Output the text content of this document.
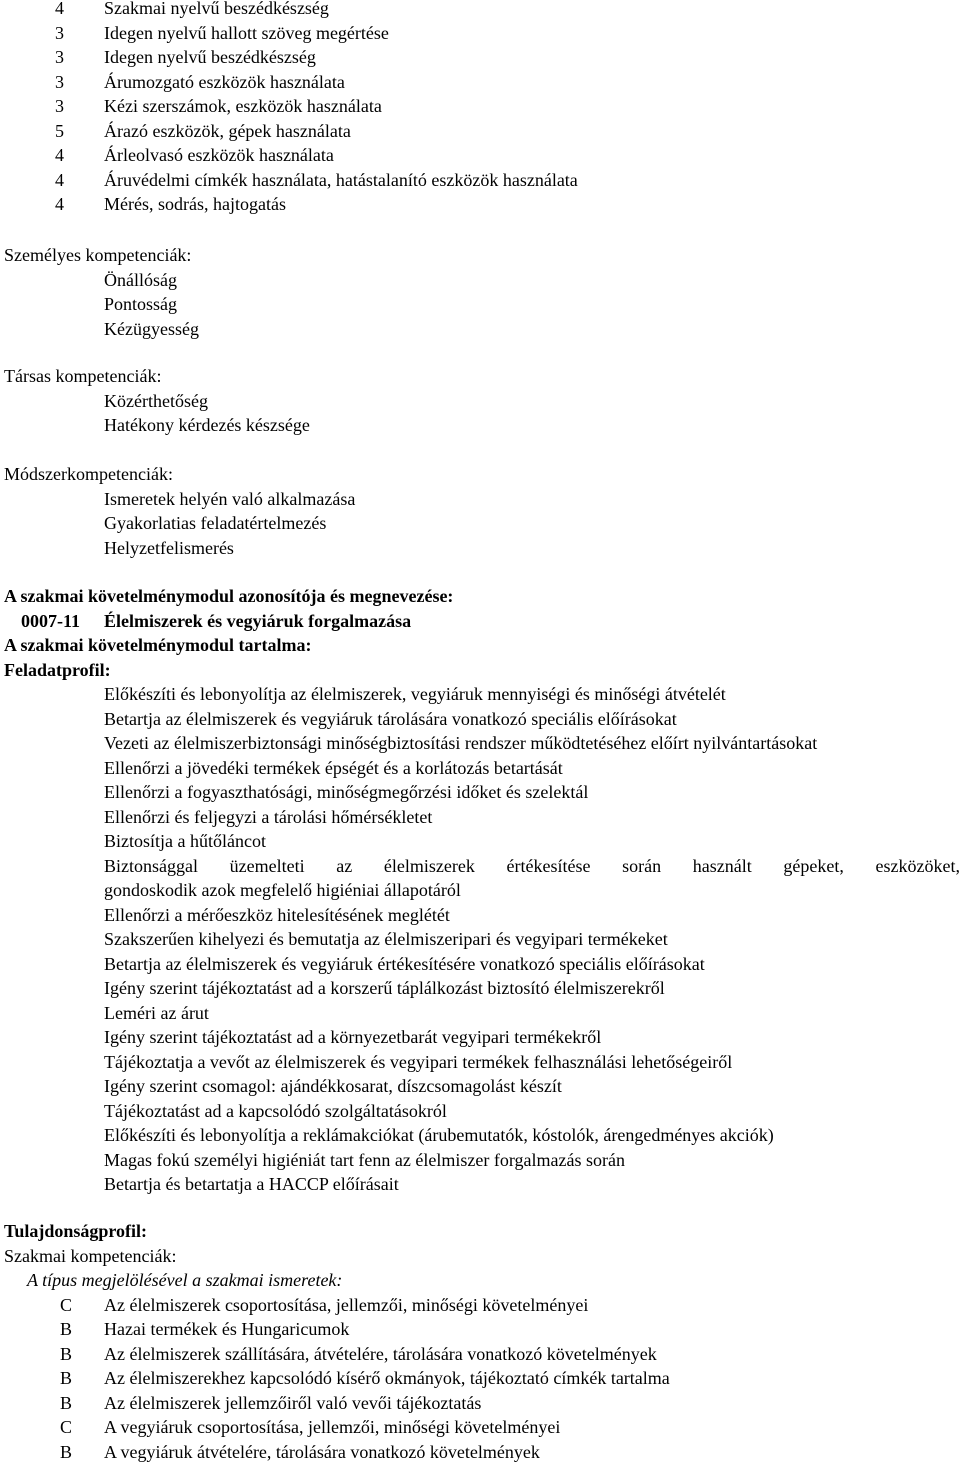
4	Szakmai nyelvű beszédkészség
3	Idegen nyelvű hallott szöveg megértése
3	Idegen nyelvű beszédkészség
3	Árumozgató eszközök használata
3	Kézi szerszámok, eszközök használata
5	Árazó eszközök, gépek használata
4	Árleolvasó eszközök használata
4	Áruvédelmi címkék használata, hatástalanító eszközök használata
4	Mérés, sodrás, hajtogatás
Személyes kompetenciák:
Önállóság
Pontosság
Kézügyesség
Társas kompetenciák:
Közérthetőség
Hatékony kérdezés készsége
Módszerkompetenciák:
Ismeretek helyén való alkalmazása
Gyakorlatias feladatértelmezés
Helyzetfelismerés
A szakmai követelménymodul azonosítója és megnevezése:
0007-11 Élelmiszerek és vegyiáruk forgalmazása
A szakmai követelménymodul tartalma:
Feladatprofil:
Előkészíti és lebonyolítja az élelmiszerek, vegyiáruk mennyiségi és minőségi átvételét
Betartja az élelmiszerek és vegyiáruk tárolására vonatkozó speciális előírásokat
Vezeti az élelmiszerbiztonsági minőségbiztosítási rendszer működtetéséhez előírt nyilvántartásokat
Ellenőrzi a jövedéki termékek épségét és a korlátozás betartását
Ellenőrzi a fogyaszthatósági, minőségmegőrzési időket és szelektál
Ellenőrzi és feljegyzi a tárolási hőmérsékletet
Biztosítja a hűtőláncot
Biztonsággal üzemelteti az élelmiszerek értékesítése során használt gépeket, eszközöket,
gondoskodik azok megfelelő higiéniai állapotáról
Ellenőrzi a mérőeszköz hitelesítésének meglétét
Szakszerűen kihelyezi és bemutatja az élelmiszeripari és vegyipari termékeket
Betartja az élelmiszerek és vegyiáruk értékesítésére vonatkozó speciális előírásokat
Igény szerint tájékoztatást ad a korszerű táplálkozást biztosító élelmiszerekről
Leméri az árut
Igény szerint tájékoztatást ad a környezetbarát vegyipari termékekről
Tájékoztatja a vevőt az élelmiszerek és vegyipari termékek felhasználási lehetőségeiről
Igény szerint csomagol: ajándékkosarat, díszcsomagolást készít
Tájékoztatást ad a kapcsolódó szolgáltatásokról
Előkészíti és lebonyolítja a reklámakciókat (árubemutatók, kóstolók, árengedményes akciók)
Magas fokú személyi higiéniát tart fenn az élelmiszer forgalmazás során
Betartja és betartatja a HACCP előírásait
Tulajdonságprofil:
Szakmai kompetenciák:
A típus megjelölésével a szakmai ismeretek:
C	Az élelmiszerek csoportosítása, jellemzői, minőségi követelményei
B	Hazai termékek és Hungaricumok
B	Az élelmiszerek szállítására, átvételére, tárolására vonatkozó követelmények
B	Az élelmiszerekhez kapcsolódó kísérő okmányok, tájékoztató címkék tartalma
B	Az élelmiszerek jellemzőiről való vevői tájékoztatás
C	A vegyiáruk csoportosítása, jellemzői, minőségi követelményei
B	A vegyiáruk átvételére, tárolására vonatkozó követelmények
